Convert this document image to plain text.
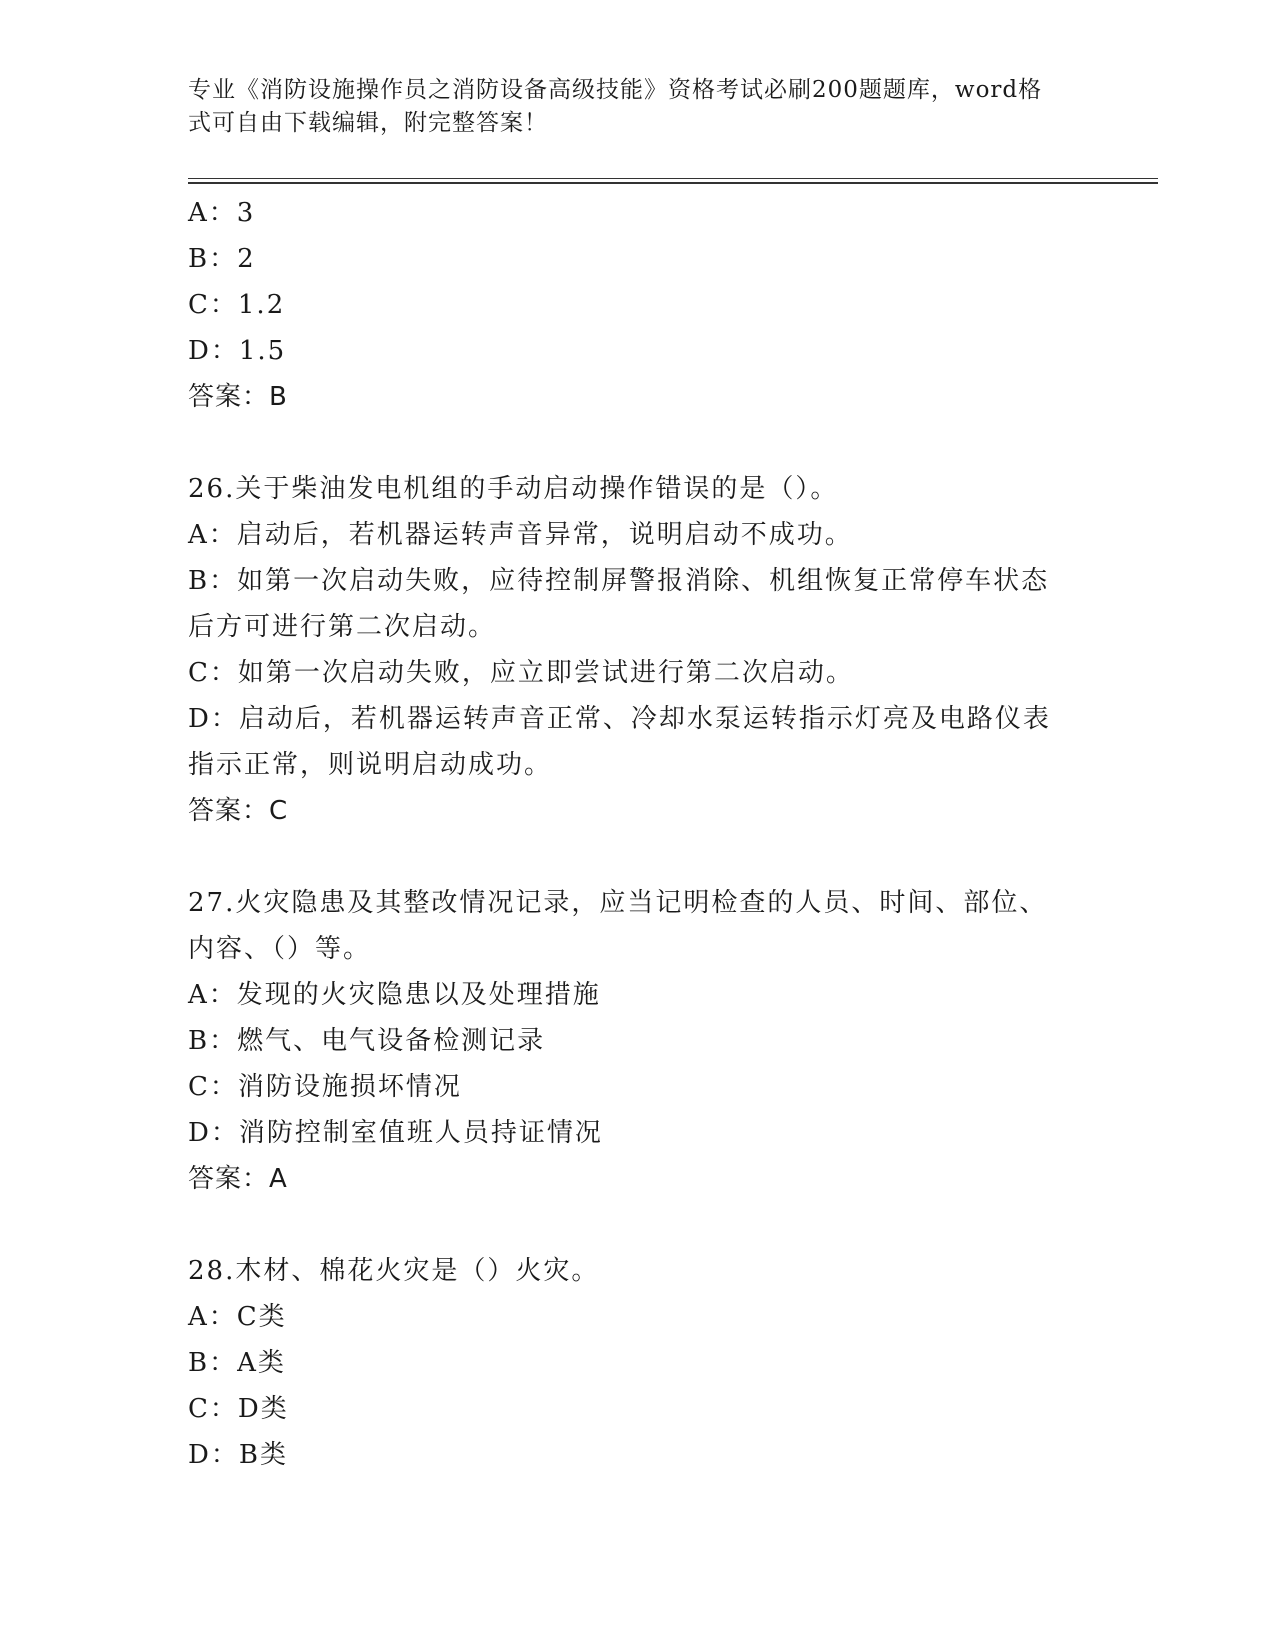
专业《消防设施操作员之消防设备高级技能》资格考试必刷200题题库，word格
式可自由下载编辑，附完整答案！
A：3
B：2
C：1.2
D：1.5
答案：B
26.关于柴油发电机组的手动启动操作错误的是（）。
A：启动后，若机器运转声音异常，说明启动不成功。
B：如第一次启动失败，应待控制屏警报消除、机组恢复正常停车状态
后方可进行第二次启动。
C：如第一次启动失败，应立即尝试进行第二次启动。
D：启动后，若机器运转声音正常、冷却水泵运转指示灯亮及电路仪表
指示正常，则说明启动成功。
答案：C
27.火灾隐患及其整改情况记录，应当记明检查的人员、时间、部位、
内容、（）等。
A：发现的火灾隐患以及处理措施
B：燃气、电气设备检测记录
C：消防设施损坏情况
D：消防控制室值班人员持证情况
答案：A
28.木材、棉花火灾是（）火灾。
A：C类
B：A类
C：D类
D：B类
